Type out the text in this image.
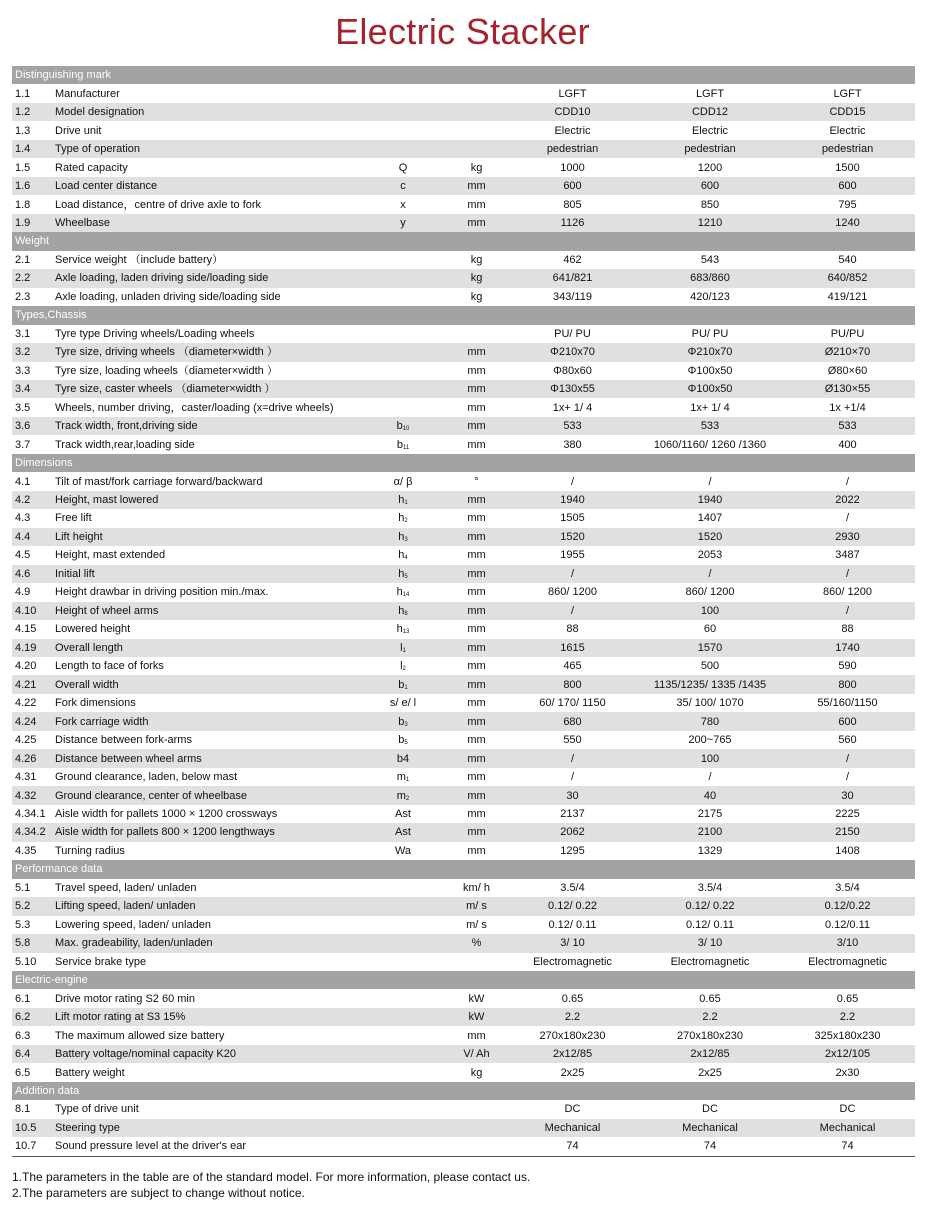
Electric Stacker
Distinguishing mark						
1.1	Manufacturer			LGFT	LGFT	LGFT
1.2	Model designation			CDD10	CDD12	CDD15
1.3	Drive unit			Electric	Electric	Electric
1.4	Type of operation			pedestrian	pedestrian	pedestrian
1.5	Rated capacity	Q	kg	1000	1200	1500
1.6	Load center distance	c	mm	600	600	600
1.8	Load distance，centre of drive axle to fork	x	mm	805	850	795
1.9	Wheelbase	y	mm	1126	1210	1240
Weight						
2.1	Service weight （include battery）		kg	462	543	540
2.2	Axle loading, laden driving side/loading side		kg	641/821	683/860	640/852
2.3	Axle loading, unladen driving side/loading side		kg	343/119	420/123	419/121
Types,Chassis						
3.1	Tyre type Driving wheels/Loading wheels			PU/ PU	PU/ PU	PU/PU
3.2	Tyre size, driving wheels （diameter×width ）		mm	Φ210x70	Φ210x70	Ø210×70
3.3	Tyre size, loading wheels（diameter×width ）		mm	Φ80x60	Φ100x50	Ø80×60
3.4	Tyre size, caster wheels （diameter×width ）		mm	Φ130x55	Φ100x50	Ø130×55
3.5	Wheels, number driving，caster/loading (x=drive wheels)		mm	1x+ 1/ 4	1x+ 1/ 4	1x +1/4
3.6	Track width, front,driving side	$b_{10}$	mm	533	533	533
3.7	Track width,rear,loading side	$b_{11}$	mm	380	1060/1160/ 1260 /1360	400
Dimensions						
4.1	Tilt of mast/fork carriage forward/backward	α/ β	°	/	/	/
4.2	Height, mast lowered	$h_1$	mm	1940	1940	2022
4.3	Free lift	$h_2$	mm	1505	1407	/
4.4	Lift height	$h_3$	mm	1520	1520	2930
4.5	Height, mast extended	$h_4$	mm	1955	2053	3487
4.6	Initial lift	$h_5$	mm	/	/	/
4.9	Height drawbar in driving position min./max.	$h_{14}$	mm	860/ 1200	860/ 1200	860/ 1200
4.10	Height of wheel arms	$h_8$	mm	/	100	/
4.15	Lowered height	$h_{13}$	mm	88	60	88
4.19	Overall length	$l_1$	mm	1615	1570	1740
4.20	Length to face of forks	$l_2$	mm	465	500	590
4.21	Overall width	$b_1$	mm	800	1135/1235/ 1335 /1435	800
4.22	Fork dimensions	s/ e/ l	mm	60/ 170/ 1150	35/ 100/ 1070	55/160/1150
4.24	Fork carriage width	$b_3$	mm	680	780	600
4.25	Distance between fork-arms	$b_5$	mm	550	200~765	560
4.26	Distance between wheel arms	b4	mm	/	100	/
4.31	Ground clearance, laden, below mast	$m_1$	mm	/	/	/
4.32	Ground clearance, center of wheelbase	$m_2$	mm	30	40	30
4.34.1	Aisle width for pallets 1000 × 1200 crossways	Ast	mm	2137	2175	2225
4.34.2	Aisle width for pallets 800 × 1200 lengthways	Ast	mm	2062	2100	2150
4.35	Turning radius	Wa	mm	1295	1329	1408
Performance data						
5.1	Travel speed, laden/ unladen		km/ h	3.5/4	3.5/4	3.5/4
5.2	Lifting speed, laden/ unladen		m/ s	0.12/ 0.22	0.12/ 0.22	0.12/0.22
5.3	Lowering speed, laden/ unladen		m/ s	0.12/ 0.11	0.12/ 0.11	0.12/0.11
5.8	Max. gradeability, laden/unladen		%	3/ 10	3/ 10	3/10
5.10	Service brake type			Electromagnetic	Electromagnetic	Electromagnetic
Electric-engine						
6.1	Drive motor rating S2 60 min		kW	0.65	0.65	0.65
6.2	Lift motor rating at S3 15%		kW	2.2	2.2	2.2
6.3	The maximum allowed size battery		mm	270x180x230	270x180x230	325x180x230
6.4	Battery voltage/nominal capacity K20		V/ Ah	2x12/85	2x12/85	2x12/105
6.5	Battery weight		kg	2x25	2x25	2x30
Addition data						
8.1	Type of drive unit			DC	DC	DC
10.5	Steering type			Mechanical	Mechanical	Mechanical
10.7	Sound pressure level at the driver's ear			74	74	74
1.The parameters in the table are of the standard model. For more information, please contact us.
2.The parameters are subject to change without notice.
